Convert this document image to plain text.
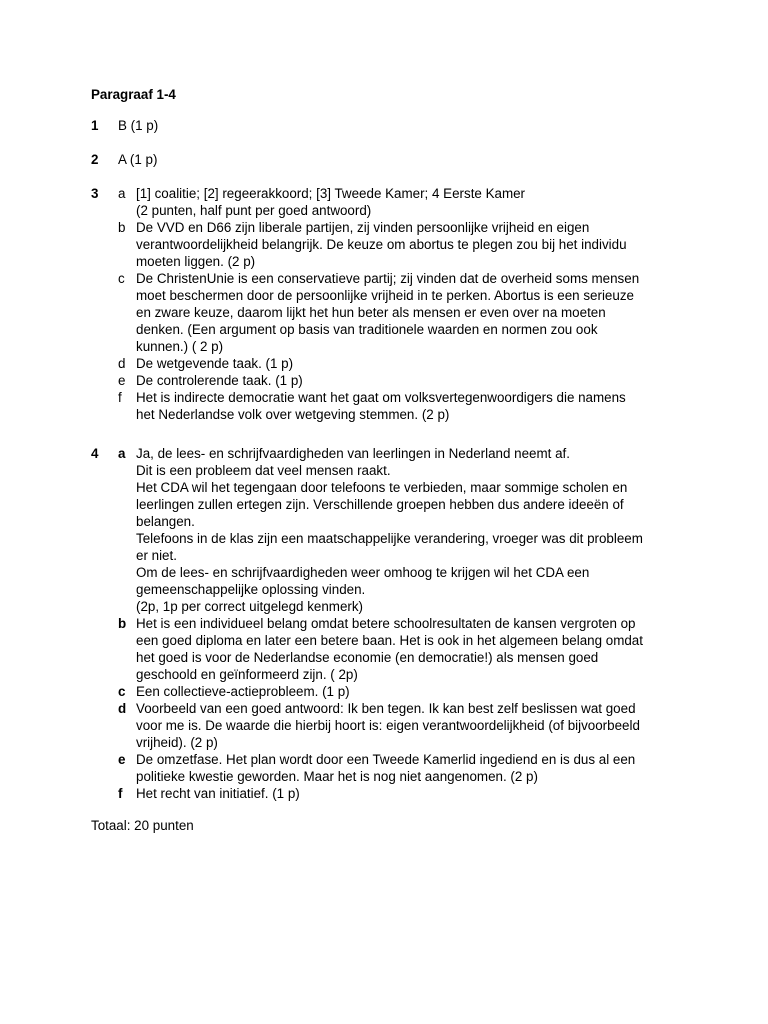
Paragraaf 1-4
1	B (1 p)
2	A (1 p)
3	a [1] coalitie; [2] regeerakkoord; [3] Tweede Kamer; 4 Eerste Kamer
(2 punten, half punt per goed antwoord)
b De VVD en D66 zijn liberale partijen, zij vinden persoonlijke vrijheid en eigen
verantwoordelijkheid belangrijk. De keuze om abortus te plegen zou bij het individu
moeten liggen. (2 p)
c De ChristenUnie is een conservatieve partij; zij vinden dat de overheid soms mensen
moet beschermen door de persoonlijke vrijheid in te perken. Abortus is een serieuze
en zware keuze, daarom lijkt het hun beter als mensen er even over na moeten
denken. (Een argument op basis van traditionele waarden en normen zou ook
kunnen.) ( 2 p)
d De wetgevende taak. (1 p)
e De controlerende taak. (1 p)
f	Het is indirecte democratie want het gaat om volksvertegenwoordigers die namens
het Nederlandse volk over wetgeving stemmen. (2 p)
4	a Ja, de lees- en schrijfvaardigheden van leerlingen in Nederland neemt af.
Dit is een probleem dat veel mensen raakt.
Het CDA wil het tegengaan door telefoons te verbieden, maar sommige scholen en
leerlingen zullen ertegen zijn. Verschillende groepen hebben dus andere ideeën of
belangen.
Telefoons in de klas zijn een maatschappelijke verandering, vroeger was dit probleem
er niet.
Om de lees- en schrijfvaardigheden weer omhoog te krijgen wil het CDA een
gemeenschappelijke oplossing vinden.
(2p, 1p per correct uitgelegd kenmerk)
b Het is een individueel belang omdat betere schoolresultaten de kansen vergroten op
een goed diploma en later een betere baan. Het is ook in het algemeen belang omdat
het goed is voor de Nederlandse economie (en democratie!) als mensen goed
geschoold en geïnformeerd zijn. ( 2p)
c Een collectieve-actieprobleem. (1 p)
d Voorbeeld van een goed antwoord: Ik ben tegen. Ik kan best zelf beslissen wat goed
voor me is. De waarde die hierbij hoort is: eigen verantwoordelijkheid (of bijvoorbeeld
vrijheid). (2 p)
e De omzetfase. Het plan wordt door een Tweede Kamerlid ingediend en is dus al een
politieke kwestie geworden. Maar het is nog niet aangenomen. (2 p)
f	Het recht van initiatief. (1 p)
Totaal: 20 punten
